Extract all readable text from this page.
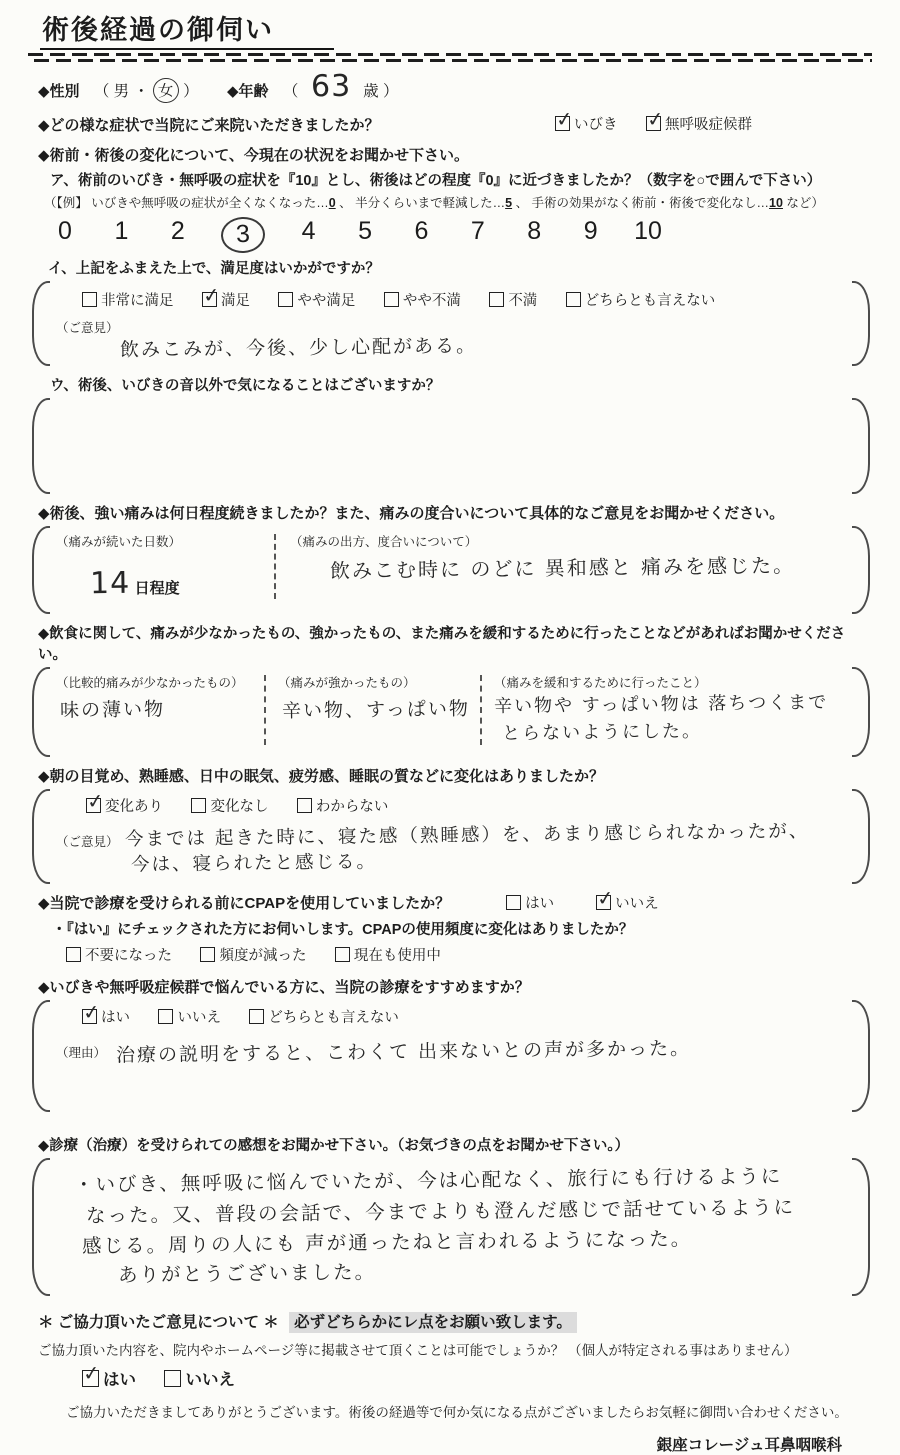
術後経過の御伺い
◆性別 （ 男 ・ 女 ） ◆年齢 （ 63 歳 ）
◆どの様な症状で当院にご来院いただきましたか？ ✓	いびき
✓	無呼吸症候群
◆術前・術後の変化について、今現在の状況をお聞かせ下さい。
ア、術前のいびき・無呼吸の症状を『10』とし、術後はどの程度『0』に近づきましたか？（数字を○で囲んで下さい）
（【例】 いびきや無呼吸の症状が全くなくなった…0 、 半分くらいまで軽減した…5 、 手術の効果がなく術前・術後で変化なし…10 など）
0 1 2	3	4 5 6 7 8 9 10
イ、上記をふまえた上で、満足度はいかがですか？
非常に満足
✓	満足
	やや満足
	やや不満
	不満
	どちらとも言えない
（ご意見）
飲みこみが、今後、少し心配がある。
ウ、術後、いびきの音以外で気になることはございますか？
◆術後、強い痛みは何日程度続きましたか？また、痛みの度合いについて具体的なご意見をお聞かせください。
（痛みが続いた日数）
14 日程度
（痛みの出方、度合いについて）
飲みこむ時に のどに 異和感と 痛みを感じた。
◆飲食に関して、痛みが少なかったもの、強かったもの、また痛みを緩和するために行ったことなどがあればお聞かせください。
（比較的痛みが少なかったもの）
味の薄い物
（痛みが強かったもの）
辛い物、すっぱい物
（痛みを緩和するために行ったこと）
辛い物や すっぱい物は 落ちつくまで
とらないようにした。
◆朝の目覚め、熟睡感、日中の眠気、疲労感、睡眠の質などに変化はありましたか？
✓
変化あり
	変化なし
	わからない
（ご意見） 今までは 起きた時に、寝た感（熟睡感）を、あまり感じられなかったが、
今は、寝られたと感じる。
◆当院で診療を受けられる前にCPAPを使用していましたか？	はい ✓	いいえ
・『はい』にチェックされた方にお伺いします。CPAPの使用頻度に変化はありましたか？
不要になった
	頻度が減った
	現在も使用中
◆いびきや無呼吸症候群で悩んでいる方に、当院の診療をすすめますか？
✓
はい
	いいえ
	どちらとも言えない
（理由） 治療の説明をすると、こわくて 出来ないとの声が多かった。
◆診療（治療）を受けられての感想をお聞かせ下さい。（お気づきの点をお聞かせ下さい。）
・いびき、無呼吸に悩んでいたが、今は心配なく、旅行にも行けるように
なった。又、普段の会話で、今までよりも澄んだ感じで話せているように
感じる。周りの人にも 声が通ったねと言われるようになった。
ありがとうございました。
＊ ご協力頂いたご意見について ＊ 必ずどちらかにレ点をお願い致します。
ご協力頂いた内容を、院内やホームページ等に掲載させて頂くことは可能でしょうか？ （個人が特定される事はありません）
✓
はい
	いいえ
ご協力いただきましてありがとうございます。術後の経過等で何か気になる点がございましたらお気軽に御問い合わせください。
銀座コレージュ耳鼻咽喉科
